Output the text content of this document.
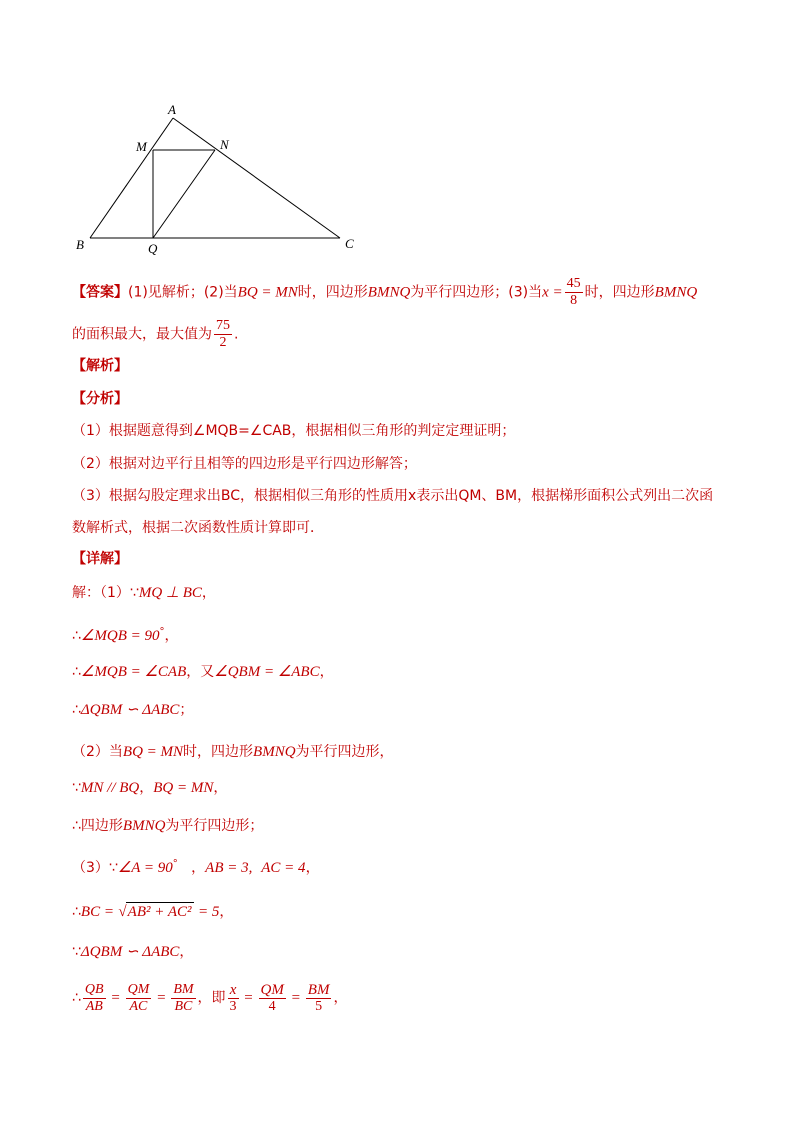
A
M	N
B	Q	C
【答案】(1)见解析；(2)当BQ = MN时，四边形BMNQ为平行四边形；(3)当$x = \frac{45}{8}$ 时，四边形BMNQ
的面积最大，最大值为 $\frac{75}{2}$ .
【解析】
【分析】
（1）根据题意得到∠MQB=∠CAB，根据相似三角形的判定定理证明；
（2）根据对边平行且相等的四边形是平行四边形解答；
（3）根据勾股定理求出BC，根据相似三角形的性质用x表示出QM、BM，根据梯形面积公式列出二次函
数解析式，根据二次函数性质计算即可．
【详解】
解：（1）∵MQ ⊥ BC，
∴∠MQB = 90°，
∴∠MQB = ∠CAB，又∠QBM = ∠ABC，
∴ΔQBM ∽ ΔABC；
（2）当BQ = MN时，四边形BMNQ为平行四边形，
∵MN // BQ，BQ = MN，
∴四边形BMNQ为平行四边形；
（3）∵∠A = 90° ，AB = 3, AC = 4，
∴BC = √AB² + AC² = 5，
∵ΔQBM ∽ ΔABC，
∴ $\frac{QB}{AB} = \frac{QM}{AC} = \frac{BM}{BC}$ ，即 $\frac{x}{3} = \frac{QM}{4} = \frac{BM}{5}$ ，
